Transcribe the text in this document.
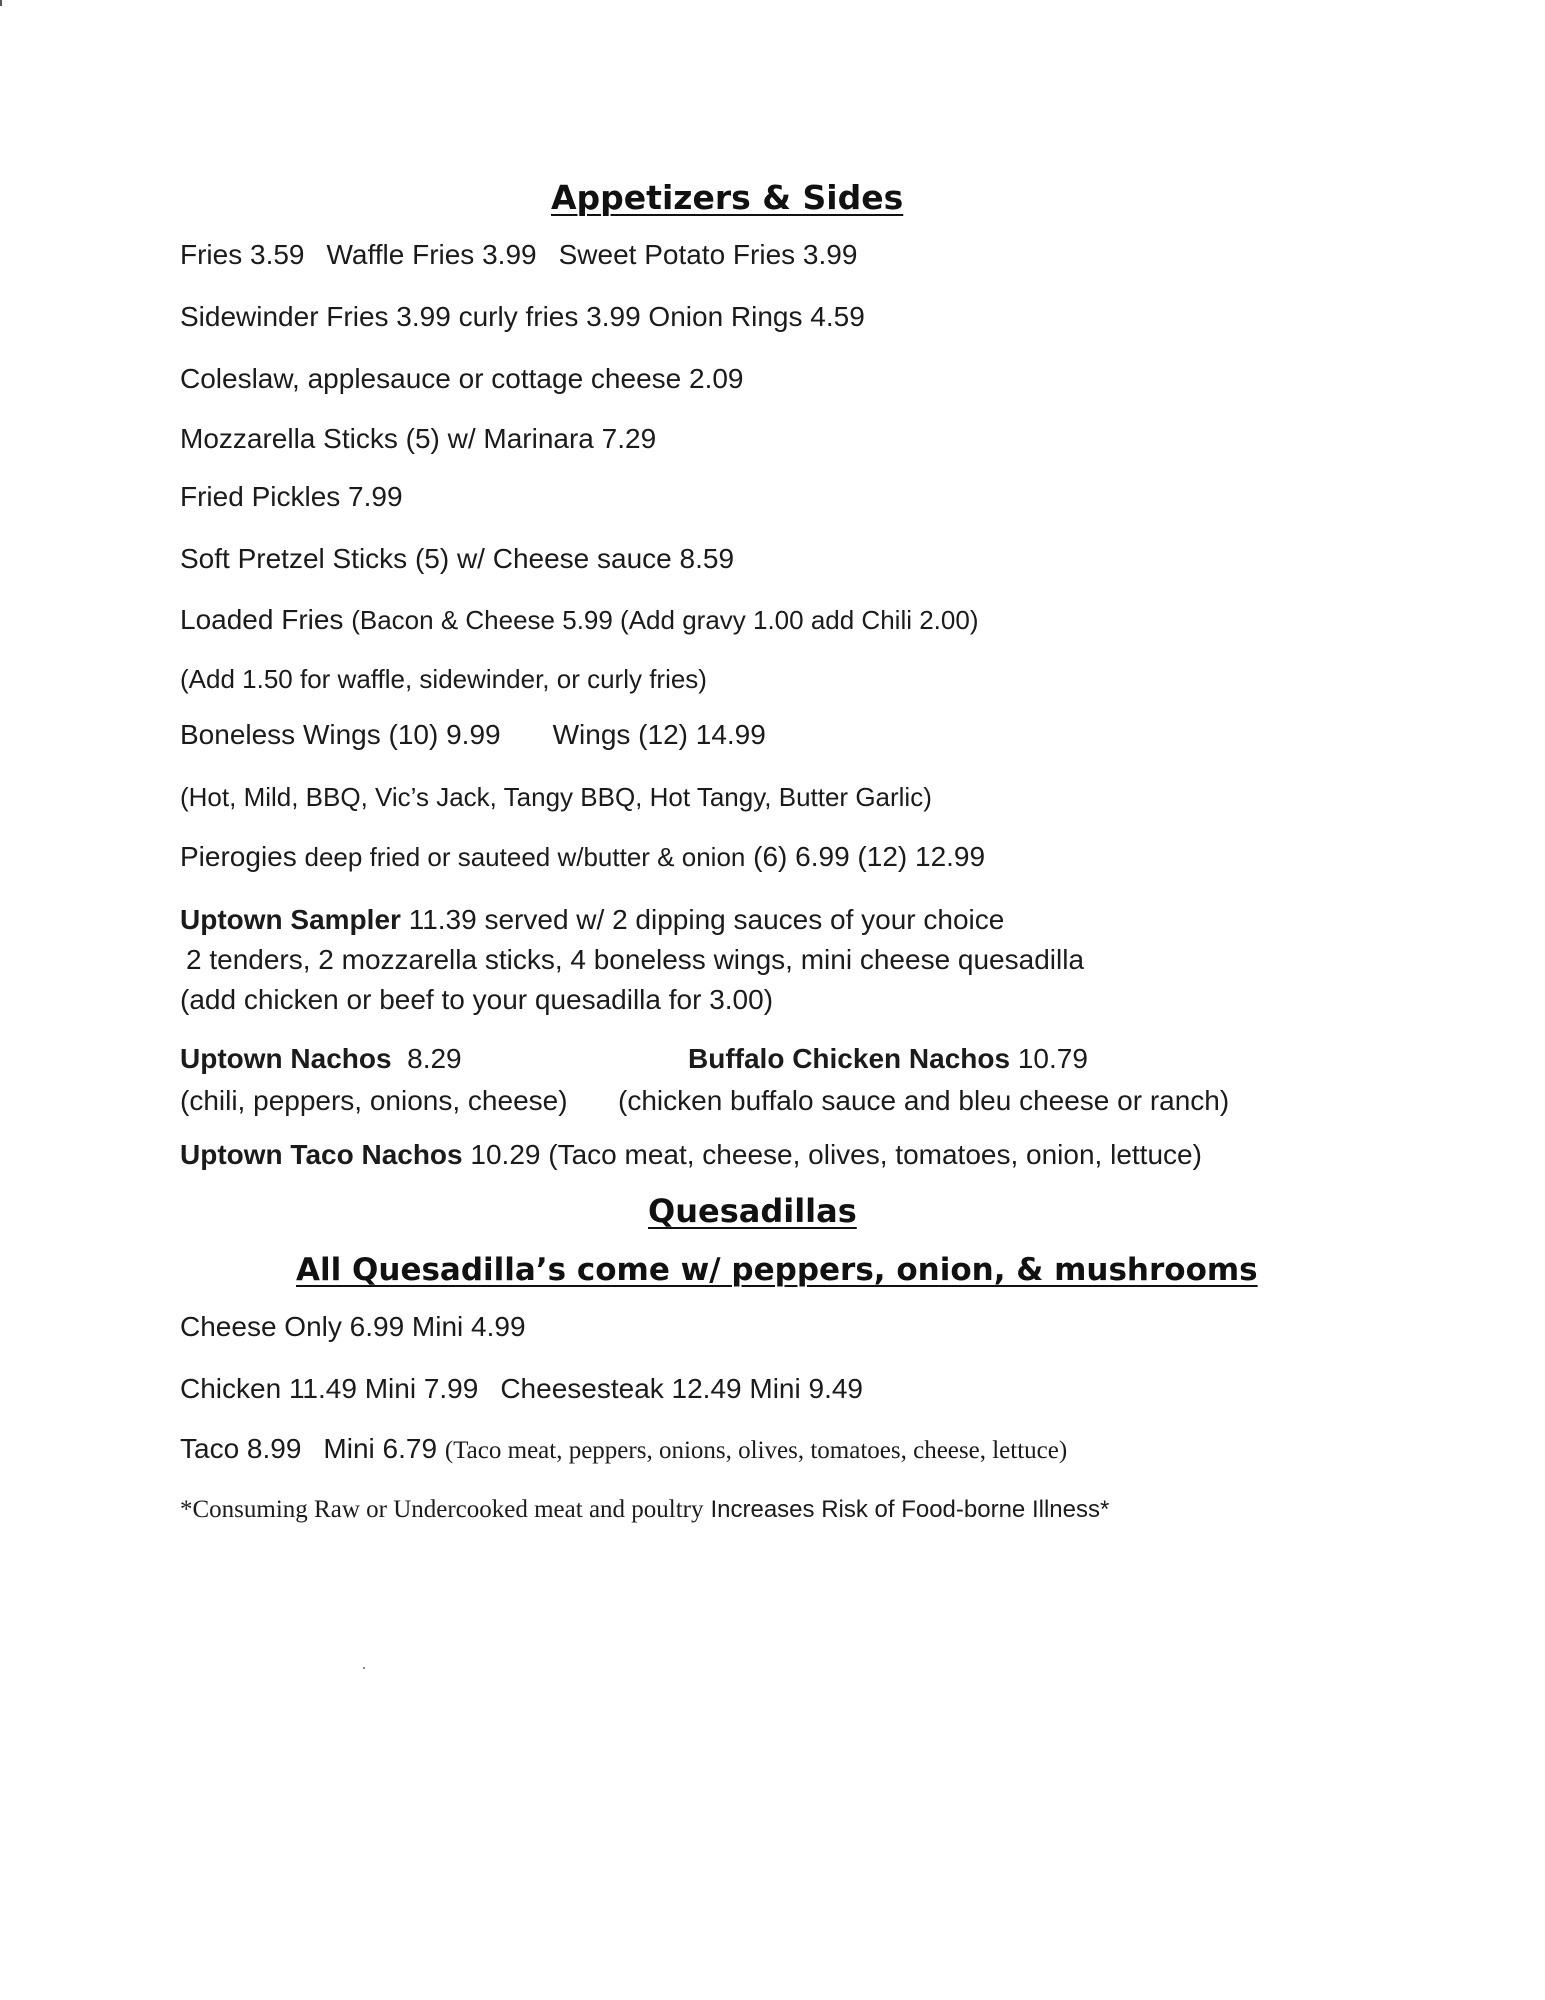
Appetizers & Sides
Fries 3.59 Waffle Fries 3.99 Sweet Potato Fries 3.99
Sidewinder Fries 3.99 curly fries 3.99 Onion Rings 4.59
Coleslaw, applesauce or cottage cheese 2.09
Mozzarella Sticks (5) w/ Marinara 7.29
Fried Pickles 7.99
Soft Pretzel Sticks (5) w/ Cheese sauce 8.59
Loaded Fries (Bacon & Cheese 5.99 (Add gravy 1.00 add Chili 2.00)
(Add 1.50 for waffle, sidewinder, or curly fries)
Boneless Wings (10) 9.99 Wings (12) 14.99
(Hot, Mild, BBQ, Vic’s Jack, Tangy BBQ, Hot Tangy, Butter Garlic)
Pierogies deep fried or sauteed w/butter & onion (6) 6.99 (12) 12.99
Uptown Sampler 11.39 served w/ 2 dipping sauces of your choice
2 tenders, 2 mozzarella sticks, 4 boneless wings, mini cheese quesadilla
(add chicken or beef to your quesadilla for 3.00)
Uptown Nachos 8.29	Buffalo Chicken Nachos 10.79
(chili, peppers, onions, cheese) (chicken buffalo sauce and bleu cheese or ranch)
Uptown Taco Nachos 10.29 (Taco meat, cheese, olives, tomatoes, onion, lettuce)
Quesadillas
All Quesadilla’s come w/ peppers, onion, & mushrooms
Cheese Only 6.99 Mini 4.99
Chicken 11.49 Mini 7.99 Cheesesteak 12.49 Mini 9.49
Taco 8.99 Mini 6.79 (Taco meat, peppers, onions, olives, tomatoes, cheese, lettuce)
*Consuming Raw or Undercooked meat and poultry Increases Risk of Food-borne Illness*
